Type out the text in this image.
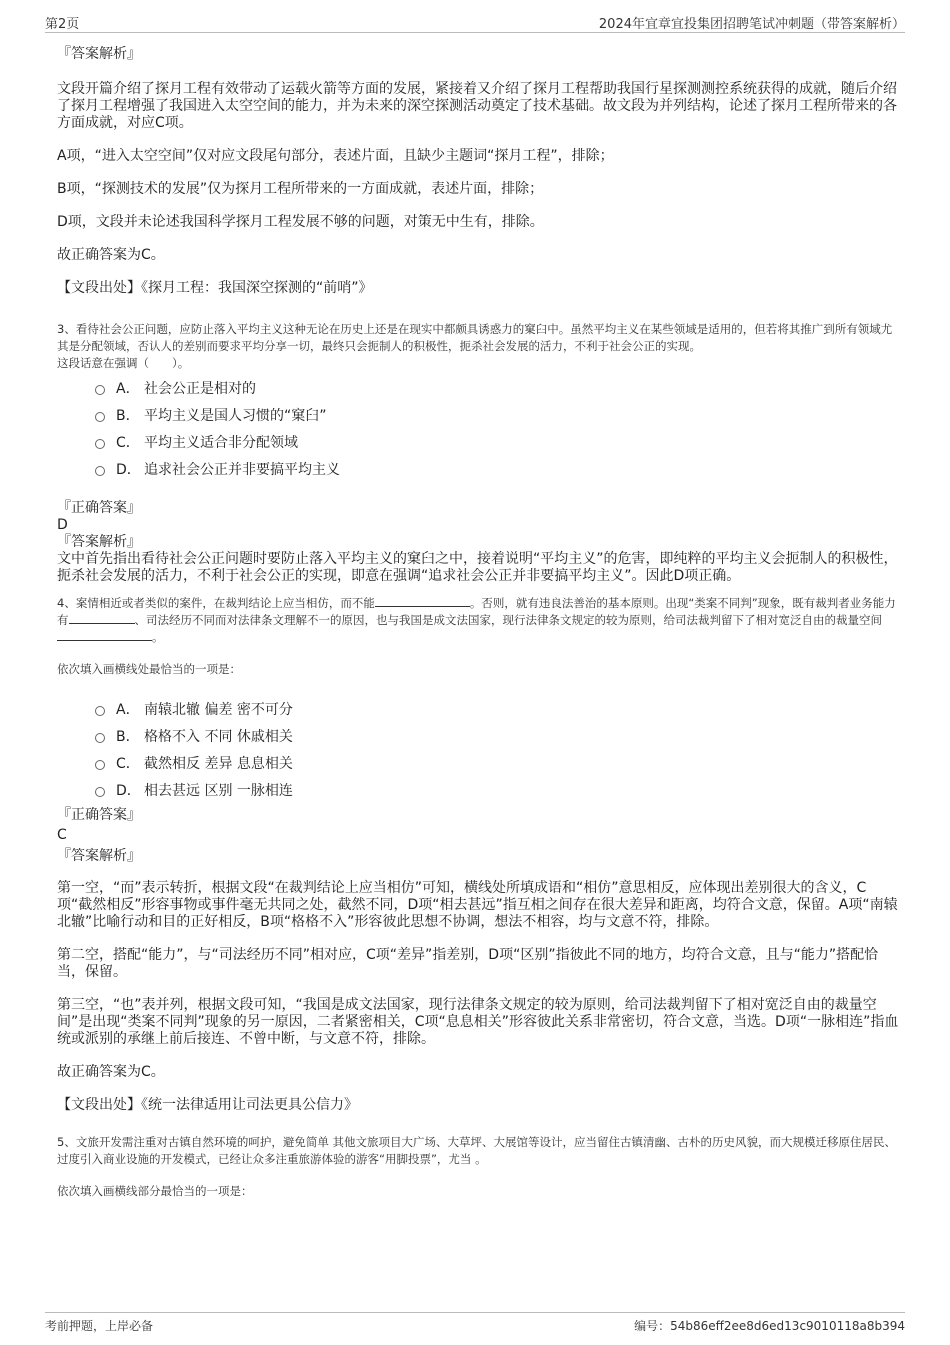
第2页	2024年宜章宜投集团招聘笔试冲刺题（带答案解析）
『答案解析』

文段开篇介绍了探月工程有效带动了运载火箭等方面的发展，紧接着又介绍了探月工程帮助我国行星探测测控系统获得的成就，随后介绍了探月工程增强了我国进入太空空间的能力，并为未来的深空探测活动奠定了技术基础。故文段为并列结构，论述了探月工程所带来的各方面成就，对应C项。

A项，“进入太空空间”仅对应文段尾句部分，表述片面，且缺少主题词“探月工程”，排除；

B项，“探测技术的发展”仅为探月工程所带来的一方面成就，表述片面，排除；

D项，文段并未论述我国科学探月工程发展不够的问题，对策无中生有，排除。

故正确答案为C。

【文段出处】《探月工程：我国深空探测的“前哨”》

3、看待社会公正问题，应防止落入平均主义这种无论在历史上还是在现实中都颇具诱惑力的窠臼中。虽然平均主义在某些领域是适用的，但若将其推广到所有领域尤其是分配领域，否认人的差别而要求平均分享一切，最终只会扼制人的积极性，扼杀社会发展的活力，不利于社会公正的实现。

这段话意在强调（　　）。

A． 社会公正是相对的
B． 平均主义是国人习惯的“窠臼”
C． 平均主义适合非分配领域
D． 追求社会公正并非要搞平均主义
『正确答案』
D
『答案解析』

文中首先指出看待社会公正问题时要防止落入平均主义的窠臼之中，接着说明“平均主义”的危害，即纯粹的平均主义会扼制人的积极性，扼杀社会发展的活力，不利于社会公正的实现，即意在强调“追求社会公正并非要搞平均主义”。因此D项正确。

4、案情相近或者类似的案件，在裁判结论上应当相仿，而不能	。否则，就有违良法善治的基本原则。出现“类案不同判”现象，既有裁判者业务能力有	、司法经历不同而对法律条文理解不一的原因，也与我国是成文法国家，现行法律条文规定的较为原则，给司法裁判留下了相对宽泛自由的裁量空间。

依次填入画横线处最恰当的一项是：

A． 南辕北辙 偏差 密不可分
B． 格格不入 不同 休戚相关
C． 截然相反 差异 息息相关
D． 相去甚远 区别 一脉相连
『正确答案』
C
『答案解析』

第一空，“而”表示转折，根据文段“在裁判结论上应当相仿”可知，横线处所填成语和“相仿”意思相反，应体现出差别很大的含义，C项“截然相反”形容事物或事件毫无共同之处，截然不同，D项“相去甚远”指互相之间存在很大差异和距离，均符合文意，保留。A项“南辕北辙”比喻行动和目的正好相反，B项“格格不入”形容彼此思想不协调，想法不相容，均与文意不符，排除。

第二空，搭配“能力”，与“司法经历不同”相对应，C项“差异”指差别，D项“区别”指彼此不同的地方，均符合文意，且与“能力”搭配恰当，保留。

第三空，“也”表并列，根据文段可知，“我国是成文法国家，现行法律条文规定的较为原则，给司法裁判留下了相对宽泛自由的裁量空间”是出现“类案不同判”现象的另一原因，二者紧密相关，C项“息息相关”形容彼此关系非常密切，符合文意，当选。D项“一脉相连”指血统或派别的承继上前后接连、不曾中断，与文意不符，排除。

故正确答案为C。

【文段出处】《统一法律适用让司法更具公信力》

5、文旅开发需注重对古镇自然环境的呵护，避免简单 其他文旅项目大广场、大草坪、大展馆等设计，应当留住古镇清幽、古朴的历史风貌，而大规模迁移原住居民、过度引入商业设施的开发模式，已经让众多注重旅游体验的游客“用脚投票”，尤当 。

依次填入画横线部分最恰当的一项是：

考前押题，上岸必备	编号：54b86eff2ee8d6ed13c9010118a8b394
